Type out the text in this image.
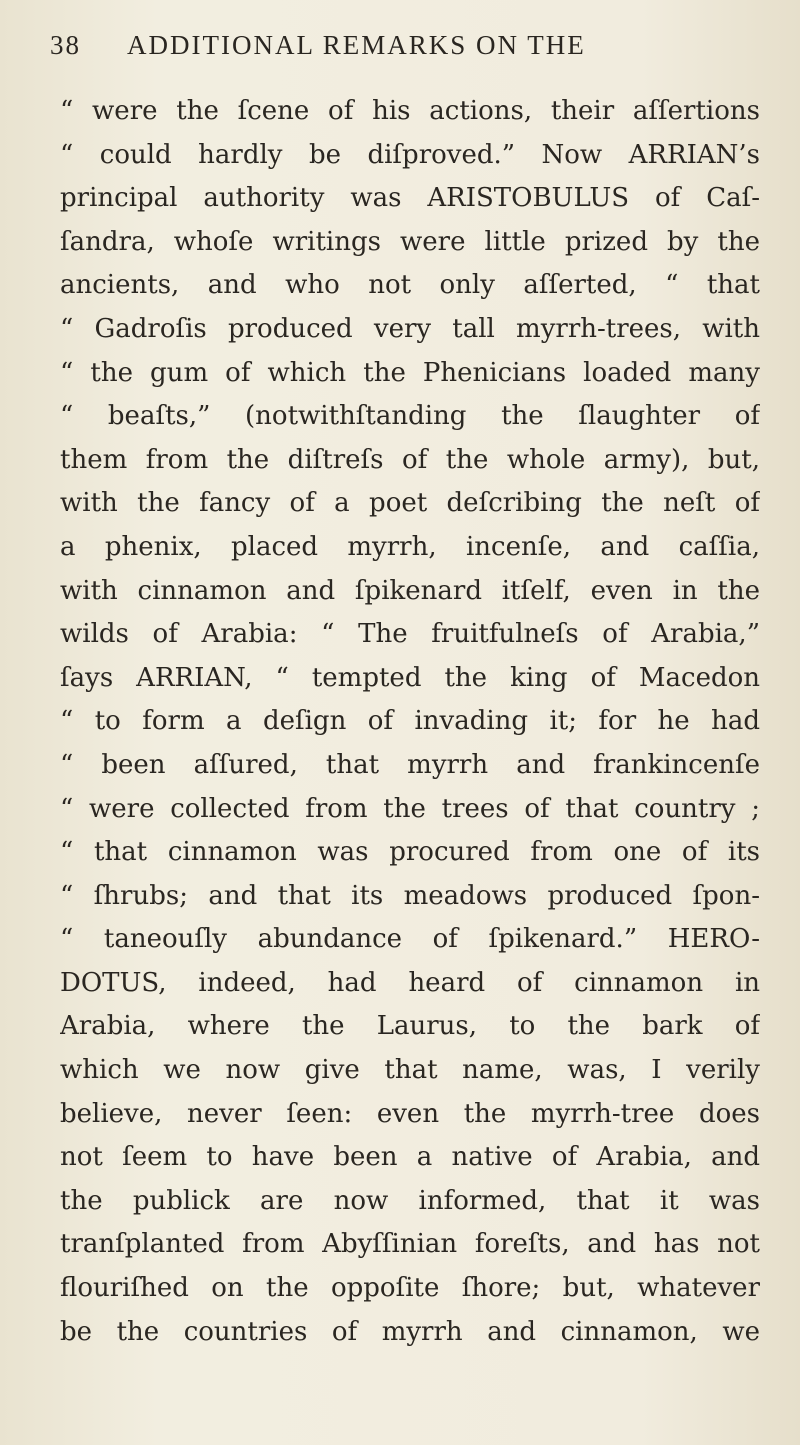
38 ADDITIONAL REMARKS ON THE
“ were the ſcene of his actions, their aſſertions
“ could hardly be diſproved.” Now ARRIAN’s
principal authority was ARISTOBULUS of Caſ-
ſandra, whoſe writings were little prized by the
ancients, and who not only aſſerted, “ that
“ Gadroſis produced very tall myrrh-trees, with
“ the gum of which the Phenicians loaded many
“ beaſts,” (notwithſtanding the ſlaughter of
them from the diſtreſs of the whole army), but,
with the fancy of a poet deſcribing the neſt of
a phenix, placed myrrh, incenſe, and caſſia,
with cinnamon and ſpikenard itſelf, even in the
wilds of Arabia: “ The fruitfulneſs of Arabia,”
ſays ARRIAN, “ tempted the king of Macedon
“ to form a deſign of invading it; for he had
“ been aſſured, that myrrh and frankincenſe
“ were collected from the trees of that country ;
“ that cinnamon was procured from one of its
“ ſhrubs; and that its meadows produced ſpon-
“ taneouſly abundance of ſpikenard.” HERO-
DOTUS, indeed, had heard of cinnamon in
Arabia, where the Laurus, to the bark of
which we now give that name, was, I verily
believe, never ſeen: even the myrrh-tree does
not ſeem to have been a native of Arabia, and
the publick are now informed, that it was
tranſplanted from Abyſſinian foreſts, and has not
flouriſhed on the oppoſite ſhore; but, whatever
be the countries of myrrh and cinnamon, we
